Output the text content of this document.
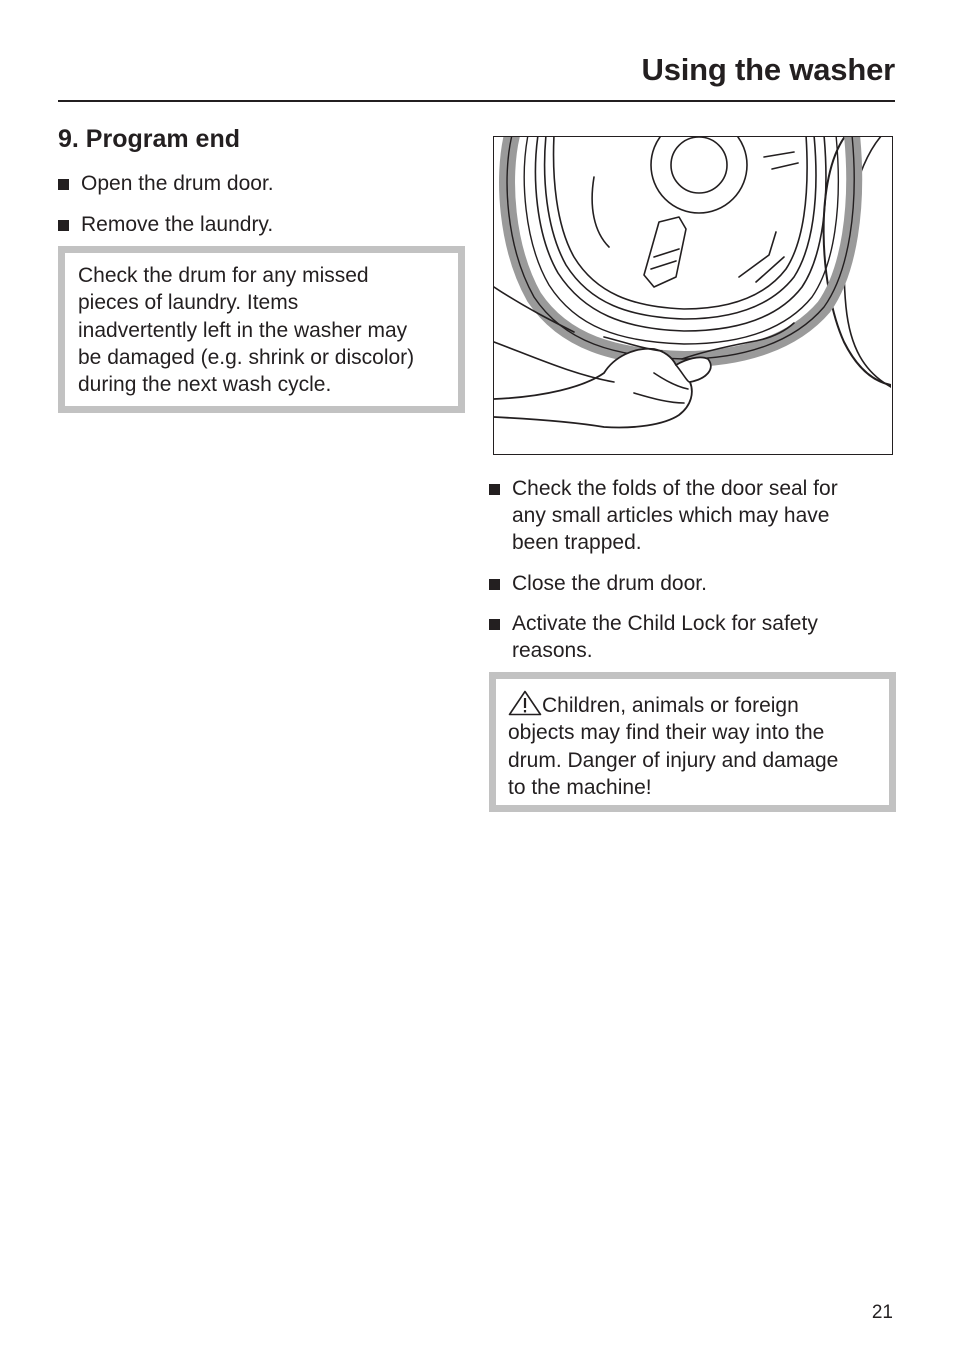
Using the washer
9. Program end
Open the drum door.
Remove the laundry.
Check the drum for any missed
pieces of laundry. Items
inadvertently left in the washer may
be damaged (e.g. shrink or discolor)
during the next wash cycle.
Check the folds of the door seal for
any small articles which may have
been trapped.
Close the drum door.
Activate the Child Lock for safety
reasons.
Children, animals or foreign
objects may find their way into the
drum. Danger of injury and damage
to the machine!
21
